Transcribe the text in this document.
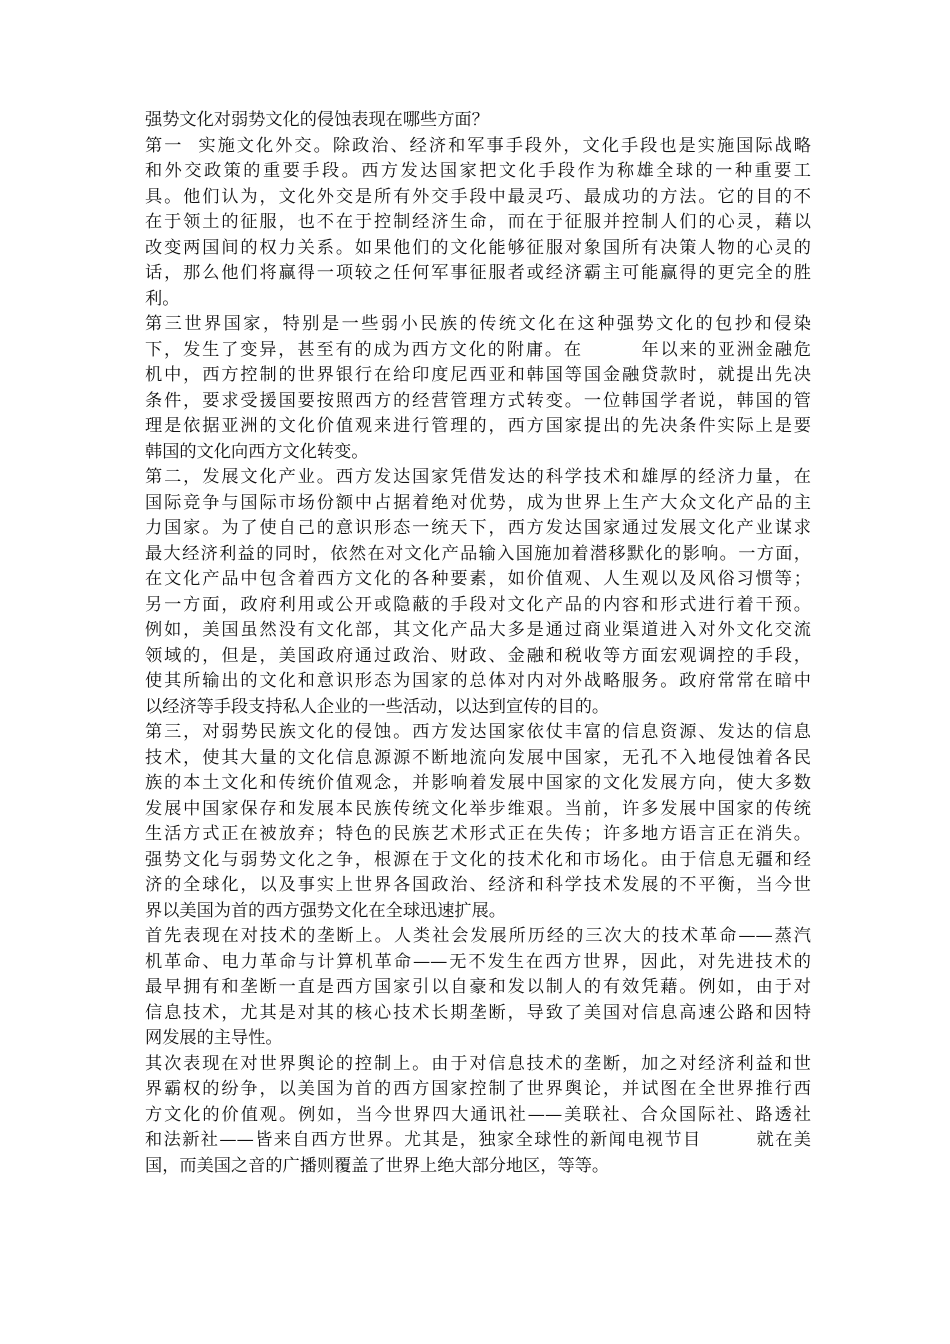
强势文化对弱势文化的侵蚀表现在哪些方面？
第一  实施文化外交。除政治、经济和军事手段外，文化手段也是实施国际战略
和外交政策的重要手段。西方发达国家把文化手段作为称雄全球的一种重要工
具。他们认为，文化外交是所有外交手段中最灵巧、最成功的方法。它的目的不
在于领土的征服，也不在于控制经济生命，而在于征服并控制人们的心灵，藉以
改变两国间的权力关系。如果他们的文化能够征服对象国所有决策人物的心灵的
话，那么他们将赢得一项较之任何军事征服者或经济霸主可能赢得的更完全的胜
利。
第三世界国家，特别是一些弱小民族的传统文化在这种强势文化的包抄和侵染
下，发生了变异，甚至有的成为西方文化的附庸。在        年以来的亚洲金融危
机中，西方控制的世界银行在给印度尼西亚和韩国等国金融贷款时，就提出先决
条件，要求受援国要按照西方的经营管理方式转变。一位韩国学者说，韩国的管
理是依据亚洲的文化价值观来进行管理的，西方国家提出的先决条件实际上是要
韩国的文化向西方文化转变。
第二，发展文化产业。西方发达国家凭借发达的科学技术和雄厚的经济力量，在
国际竞争与国际市场份额中占据着绝对优势，成为世界上生产大众文化产品的主
力国家。为了使自己的意识形态一统天下，西方发达国家通过发展文化产业谋求
最大经济利益的同时，依然在对文化产品输入国施加着潜移默化的影响。一方面，
在文化产品中包含着西方文化的各种要素，如价值观、人生观以及风俗习惯等；
另一方面，政府利用或公开或隐蔽的手段对文化产品的内容和形式进行着干预。
例如，美国虽然没有文化部，其文化产品大多是通过商业渠道进入对外文化交流
领域的，但是，美国政府通过政治、财政、金融和税收等方面宏观调控的手段，
使其所输出的文化和意识形态为国家的总体对内对外战略服务。政府常常在暗中
以经济等手段支持私人企业的一些活动，以达到宣传的目的。
第三，对弱势民族文化的侵蚀。西方发达国家依仗丰富的信息资源、发达的信息
技术，使其大量的文化信息源源不断地流向发展中国家，无孔不入地侵蚀着各民
族的本土文化和传统价值观念，并影响着发展中国家的文化发展方向，使大多数
发展中国家保存和发展本民族传统文化举步维艰。当前，许多发展中国家的传统
生活方式正在被放弃；特色的民族艺术形式正在失传；许多地方语言正在消失。
强势文化与弱势文化之争，根源在于文化的技术化和市场化。由于信息无疆和经
济的全球化，以及事实上世界各国政治、经济和科学技术发展的不平衡，当今世
界以美国为首的西方强势文化在全球迅速扩展。
首先表现在对技术的垄断上。人类社会发展所历经的三次大的技术革命——蒸汽
机革命、电力革命与计算机革命——无不发生在西方世界，因此，对先进技术的
最早拥有和垄断一直是西方国家引以自豪和发以制人的有效凭藉。例如，由于对
信息技术，尤其是对其的核心技术长期垄断，导致了美国对信息高速公路和因特
网发展的主导性。
其次表现在对世界舆论的控制上。由于对信息技术的垄断，加之对经济利益和世
界霸权的纷争，以美国为首的西方国家控制了世界舆论，并试图在全世界推行西
方文化的价值观。例如，当今世界四大通讯社——美联社、合众国际社、路透社
和法新社——皆来自西方世界。尤其是，独家全球性的新闻电视节目        就在美
国，而美国之音的广播则覆盖了世界上绝大部分地区，等等。
